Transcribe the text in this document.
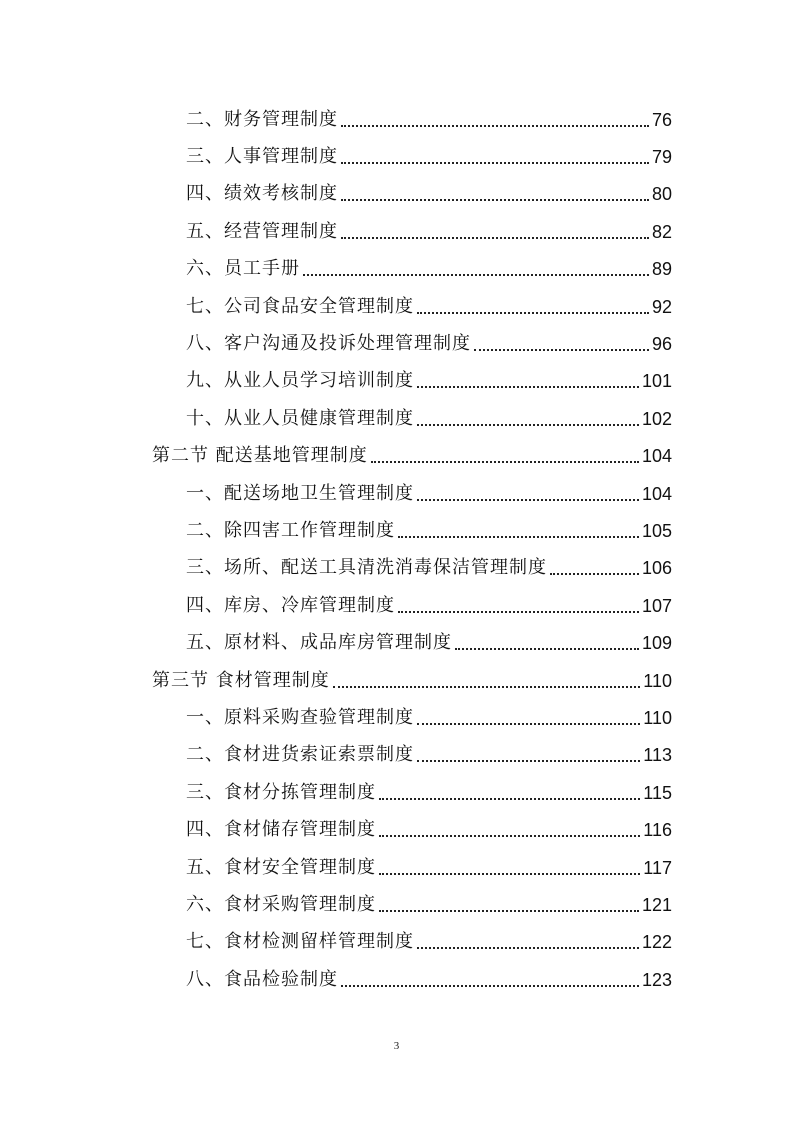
二、财务管理制度	76
三、人事管理制度	79
四、绩效考核制度	80
五、经营管理制度	82
六、员工手册	89
七、公司食品安全管理制度	92
八、客户沟通及投诉处理管理制度	96
九、从业人员学习培训制度	101
十、从业人员健康管理制度	102
第二节 配送基地管理制度	104
一、配送场地卫生管理制度	104
二、除四害工作管理制度	105
三、场所、配送工具清洗消毒保洁管理制度	106
四、库房、冷库管理制度	107
五、原材料、成品库房管理制度	109
第三节 食材管理制度	110
一、原料采购查验管理制度	110
二、食材进货索证索票制度	113
三、食材分拣管理制度	115
四、食材储存管理制度	116
五、食材安全管理制度	117
六、食材采购管理制度	121
七、食材检测留样管理制度	122
八、食品检验制度	123
3
